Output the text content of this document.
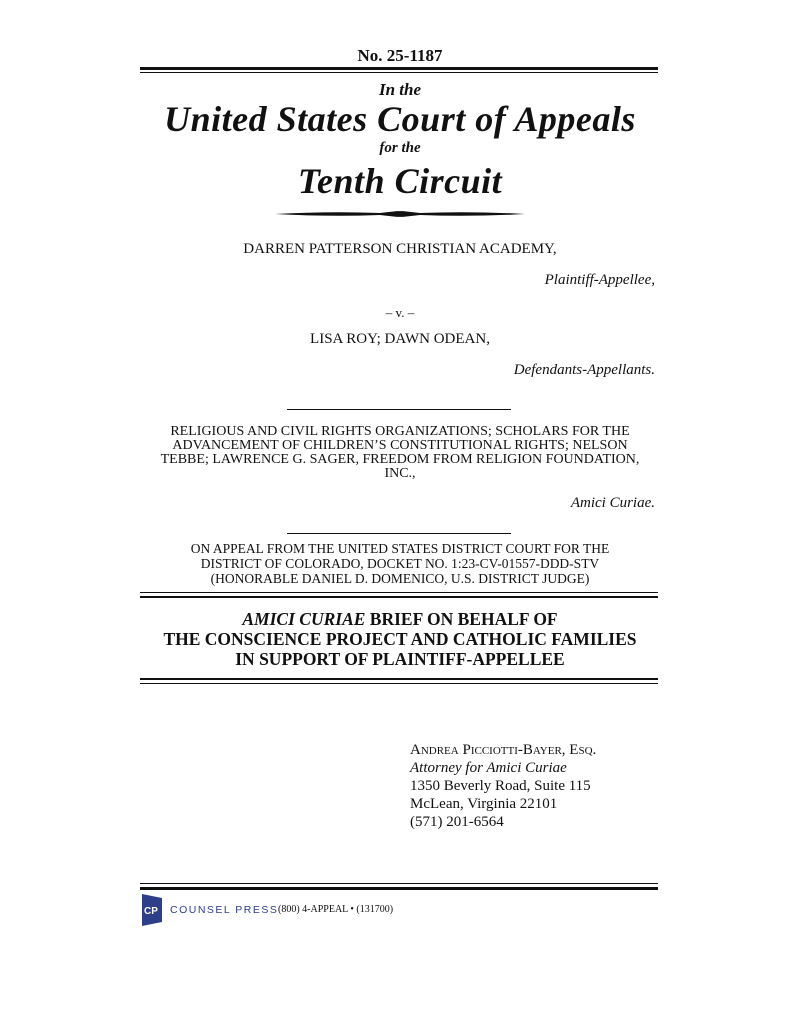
No. 25-1187
In the
United States Court of Appeals
for the
Tenth Circuit
DARREN PATTERSON CHRISTIAN ACADEMY,
Plaintiff-Appellee,
– v. –
LISA ROY; DAWN ODEAN,
Defendants-Appellants.
RELIGIOUS AND CIVIL RIGHTS ORGANIZATIONS; SCHOLARS FOR THE ADVANCEMENT OF CHILDREN’S CONSTITUTIONAL RIGHTS; NELSON TEBBE; LAWRENCE G. SAGER, FREEDOM FROM RELIGION FOUNDATION, INC.,
Amici Curiae.
ON APPEAL FROM THE UNITED STATES DISTRICT COURT FOR THE
DISTRICT OF COLORADO, DOCKET NO. 1:23-CV-01557-DDD-STV
(HONORABLE DANIEL D. DOMENICO, U.S. DISTRICT JUDGE)
AMICI CURIAE BRIEF ON BEHALF OF
THE CONSCIENCE PROJECT AND CATHOLIC FAMILIES
IN SUPPORT OF PLAINTIFF-APPELLEE
Andrea Picciotti-Bayer, Esq.
Attorney for Amici Curiae
1350 Beverly Road, Suite 115
McLean, Virginia 22101
(571) 201-6564
CP COUNSEL PRESS (800) 4-APPEAL • (131700)
